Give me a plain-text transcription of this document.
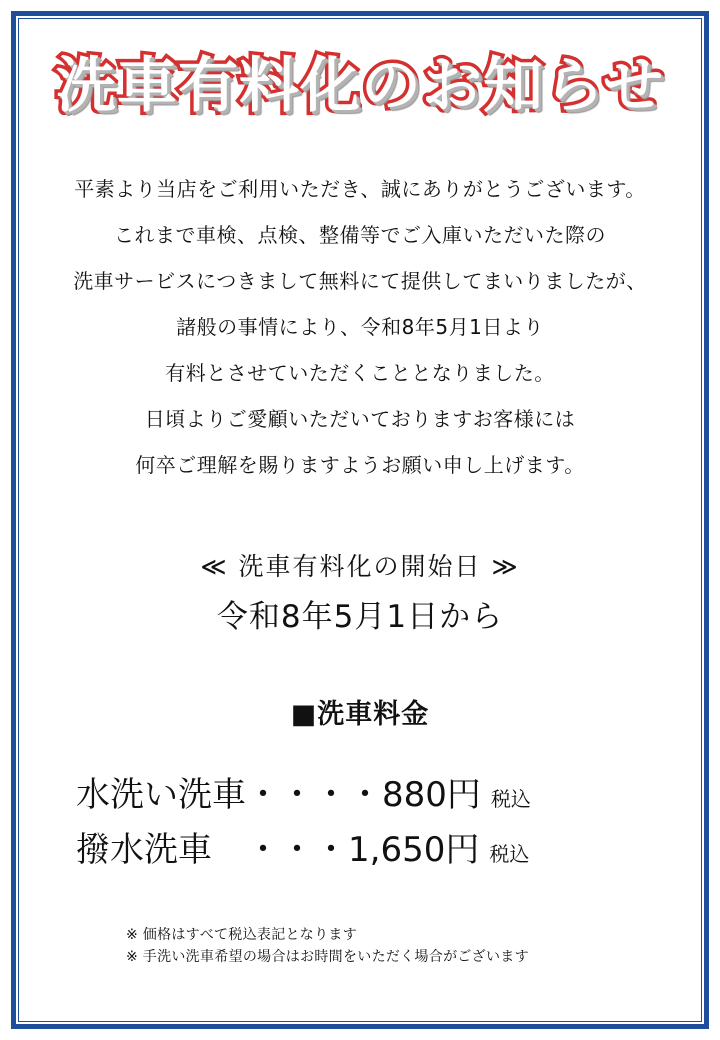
洗車有料化のお知らせ

平素より当店をご利用いただき、誠にありがとうございます。

これまで車検、点検、整備等でご入庫いただいた際の

洗車サービスにつきまして無料にて提供してまいりましたが、

諸般の事情により、令和8年5月1日より

有料とさせていただくこととなりました。

日頃よりご愛顧いただいておりますお客様には

何卒ご理解を賜りますようお願い申し上げます。

≪ 洗車有料化の開始日 ≫
令和8年5月1日から
■洗車料金
水洗い洗車 ・・・・ 880円 税込
撥水洗車　 ・・・ 1,650円 税込
※ 価格はすべて税込表記となります
※ 手洗い洗車希望の場合はお時間をいただく場合がございます
